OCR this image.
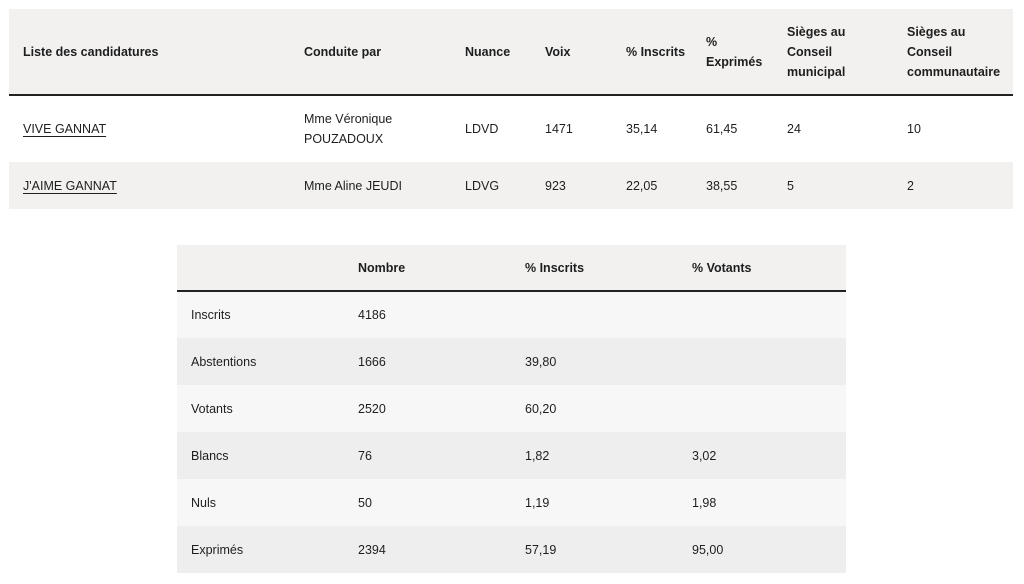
Liste des candidatures	Conduite par	Nuance	Voix	% Inscrits	% Exprimés	Sièges au Conseil municipal	Sièges au Conseil communautaire
VIVE GANNAT	Mme Véronique POUZADOUX	LDVD	1471	35,14	61,45	24	10
J'AIME GANNAT	Mme Aline JEUDI	LDVG	923	22,05	38,55	5	2
	Nombre	% Inscrits	% Votants
Inscrits	4186		
Abstentions	1666	39,80	
Votants	2520	60,20	
Blancs	76	1,82	3,02
Nuls	50	1,19	1,98
Exprimés	2394	57,19	95,00
